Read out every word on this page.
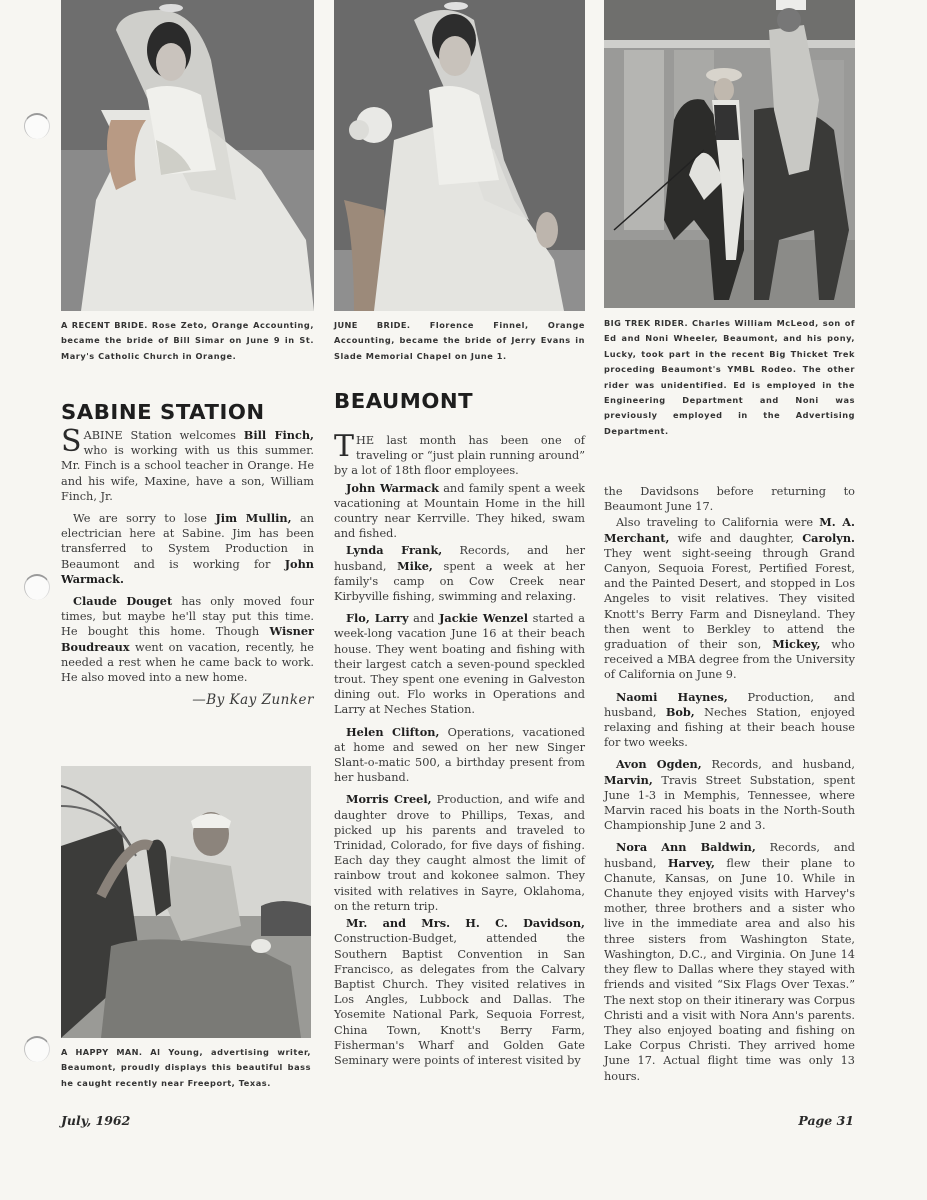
A RECENT BRIDE. Rose Zeto, Orange Accounting, became the bride of Bill Simar on June 9 in St. Mary's Catholic Church in Orange.
JUNE BRIDE. Florence Finnel, Orange Accounting, became the bride of Jerry Evans in Slade Memorial Chapel on June 1.
BIG TREK RIDER. Charles William McLeod, son of Ed and Noni Wheeler, Beaumont, and his pony, Lucky, took part in the recent Big Thicket Trek proceding Beaumont's YMBL Rodeo. The other rider was unidentified. Ed is employed in the Engineering Department and Noni was previously employed in the Advertising Department.
SABINE STATION

SABINE Station welcomes Bill Finch, who is working with us this summer. Mr. Finch is a school teacher in Orange. He and his wife, Maxine, have a son, William Finch, Jr.

We are sorry to lose Jim Mullin, an electrician here at Sabine. Jim has been transferred to System Production in Beaumont and is working for John Warmack.

Claude Douget has only moved four times, but maybe he'll stay put this time. He bought this home. Though Wisner Boudreaux went on vacation, recently, he needed a rest when he came back to work. He also moved into a new home.

—By Kay Zunker
A HAPPY MAN. Al Young, advertising writer, Beaumont, proudly displays this beautiful bass he caught recently near Freeport, Texas.
BEAUMONT

THE last month has been one of traveling or “just plain running around” by a lot of 18th floor employees.

John Warmack and family spent a week vacationing at Mountain Home in the hill country near Kerrville. They hiked, swam and fished.

Lynda Frank, Records, and her husband, Mike, spent a week at her family's camp on Cow Creek near Kirbyville fishing, swimming and relaxing.

Flo, Larry and Jackie Wenzel started a week-long vacation June 16 at their beach house. They went boating and fishing with their largest catch a seven-pound speckled trout. They spent one evening in Galveston dining out. Flo works in Operations and Larry at Neches Station.

Helen Clifton, Operations, vacationed at home and sewed on her new Singer Slant-o-matic 500, a birthday present from her husband.

Morris Creel, Production, and wife and daughter drove to Phillips, Texas, and picked up his parents and traveled to Trinidad, Colorado, for five days of fishing. Each day they caught almost the limit of rainbow trout and kokonee salmon. They visited with relatives in Sayre, Oklahoma, on the return trip.

Mr. and Mrs. H. C. Davidson, Construction-Budget, attended the Southern Baptist Convention in San Francisco, as delegates from the Calvary Baptist Church. They visited relatives in Los Angles, Lubbock and Dallas. The Yosemite National Park, Sequoia Forrest, China Town, Knott's Berry Farm, Fisherman's Wharf and Golden Gate Seminary were points of interest visited by

the Davidsons before returning to Beaumont June 17.

Also traveling to California were M. A. Merchant, wife and daughter, Carolyn. They went sight-seeing through Grand Canyon, Sequoia Forest, Pertified Forest, and the Painted Desert, and stopped in Los Angeles to visit relatives. They visited Knott's Berry Farm and Disneyland. They then went to Berkley to attend the graduation of their son, Mickey, who received a MBA degree from the University of California on June 9.

Naomi Haynes, Production, and husband, Bob, Neches Station, enjoyed relaxing and fishing at their beach house for two weeks.

Avon Ogden, Records, and husband, Marvin, Travis Street Substation, spent June 1-3 in Memphis, Tennessee, where Marvin raced his boats in the North-South Championship June 2 and 3.

Nora Ann Baldwin, Records, and husband, Harvey, flew their plane to Chanute, Kansas, on June 10. While in Chanute they enjoyed visits with Harvey's mother, three brothers and a sister who live in the immediate area and also his three sisters from Washington State, Washington, D.C., and Virginia. On June 14 they flew to Dallas where they stayed with friends and visited “Six Flags Over Texas.” The next stop on their itinerary was Corpus Christi and a visit with Nora Ann's parents. They also enjoyed boating and fishing on Lake Corpus Christi. They arrived home June 17. Actual flight time was only 13 hours.

July, 1962	Page 31
